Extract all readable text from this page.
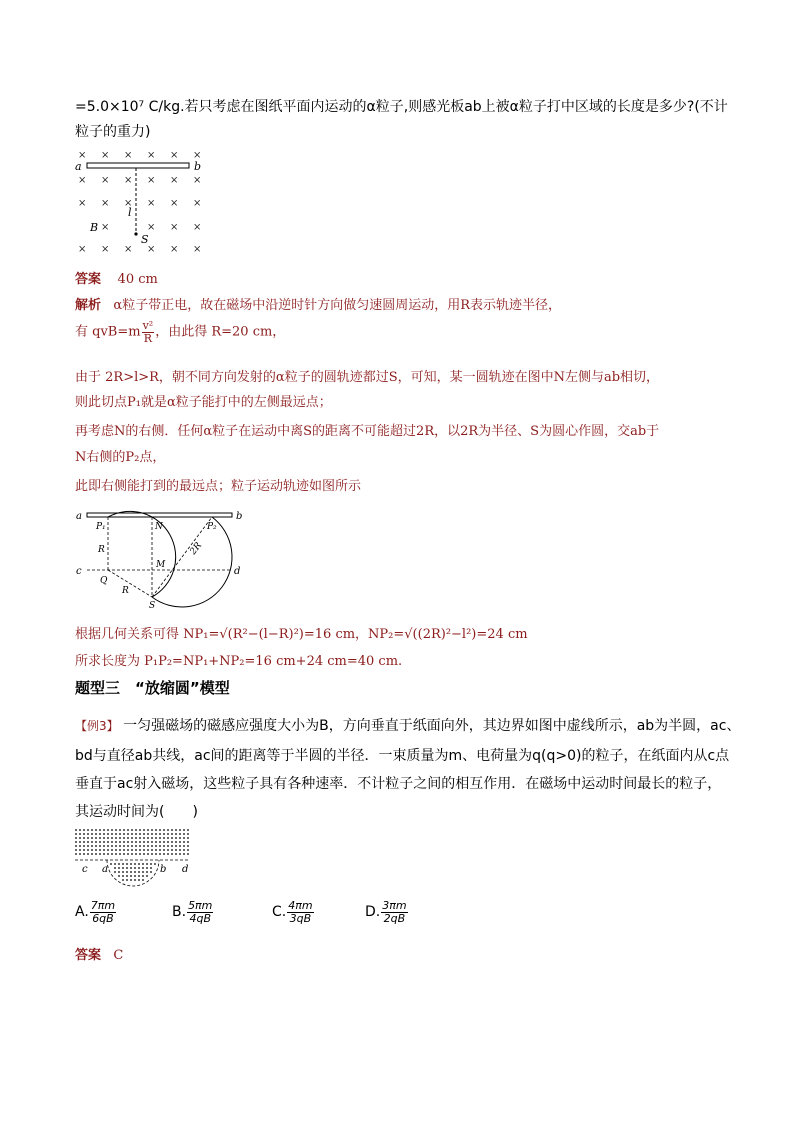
=5.0×10⁷ C/kg.若只考虑在图纸平面内运动的α粒子,则感光板ab上被α粒子打中区域的长度是多少?(不计
粒子的重力)
× × × × × ×
× × × × × ×
× × × × × ×
×	× × ×
× × × × × ×
a	b
l
B
S
答案 40 cm
解析 α粒子带正电，故在磁场中沿逆时针方向做匀速圆周运动，用R表示轨迹半径，
有 $qvB=m \frac{\text{v²}}{R}$ ，由此得 R=20 cm，
由于 2R>l>R，朝不同方向发射的α粒子的圆轨迹都过S，可知，某一圆轨迹在图中N左侧与ab相切，
则此切点P₁就是α粒子能打中的左侧最远点；
再考虑N的右侧．任何α粒子在运动中离S的距离不可能超过2R，以2R为半径、S为圆心作圆，交ab于
N右侧的P₂点，
此即右侧能打到的最远点；粒子运动轨迹如图所示
a	b
c	d
P₁	P₂
N
M
Q
S
R
R
2R
根据几何关系可得 NP₁=√(R²−(l−R)²)=16 cm，NP₂=√((2R)²−l²)=24 cm
所求长度为 P₁P₂=NP₁+NP₂=16 cm+24 cm=40 cm.
题型三　“放缩圆”模型
【例3】 一匀强磁场的磁感应强度大小为B，方向垂直于纸面向外，其边界如图中虚线所示，ab为半圆，ac、
bd与直径ab共线，ac间的距离等于半圆的半径．一束质量为m、电荷量为q(q>0)的粒子，在纸面内从c点
垂直于ac射入磁场，这些粒子具有各种速率．不计粒子之间的相互作用．在磁场中运动时间最长的粒子，
其运动时间为(　　)
c a	b d
A. $\frac{7\pi m}{6qB}$	B. $\frac{5\pi m}{4qB}$	C. $\frac{4\pi m}{3qB}$	D. $\frac{3\pi m}{2qB}$
答案 C
